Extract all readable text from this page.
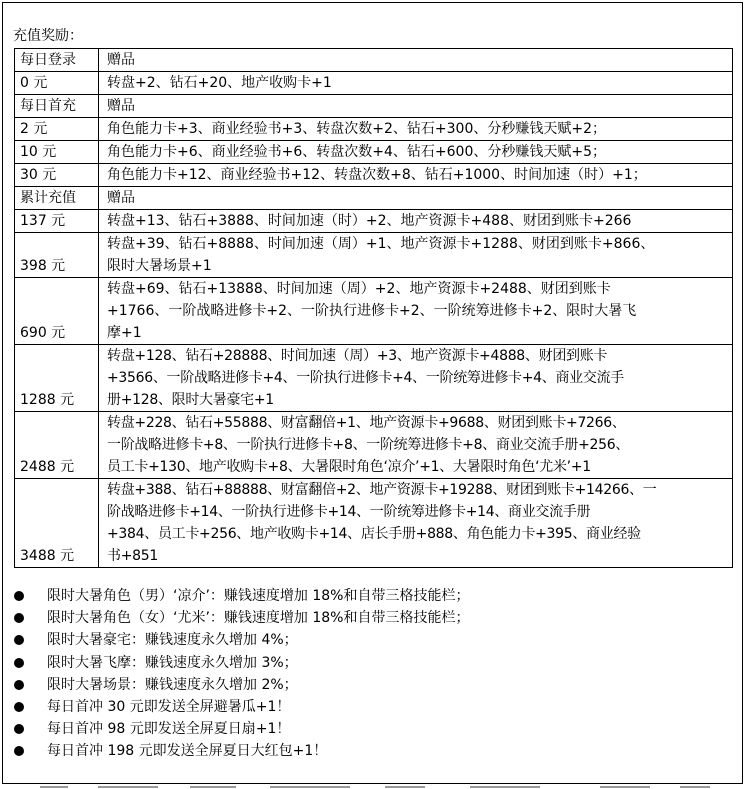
充值奖励：
每日登录	赠品

0 元	转盘+2、钻石+20、地产收购卡+1

每日首充	赠品

2 元	角色能力卡+3、商业经验书+3、转盘次数+2、钻石+300、分秒赚钱天赋+2；

10 元	角色能力卡+6、商业经验书+6、转盘次数+4、钻石+600、分秒赚钱天赋+5；

30 元	角色能力卡+12、商业经验书+12、转盘次数+8、钻石+1000、时间加速（时）+1；

累计充值	赠品

137 元	转盘+13、钻石+3888、时间加速（时）+2、地产资源卡+488、财团到账卡+266

398 元	转盘+39、钻石+8888、时间加速（周）+1、地产资源卡+1288、财团到账卡+866、
限时大暑场景+1

690 元	转盘+69、钻石+13888、时间加速（周）+2、地产资源卡+2488、财团到账卡
+1766、一阶战略进修卡+2、一阶执行进修卡+2、一阶统筹进修卡+2、限时大暑飞
摩+1

1288 元	转盘+128、钻石+28888、时间加速（周）+3、地产资源卡+4888、财团到账卡
+3566、一阶战略进修卡+4、一阶执行进修卡+4、一阶统筹进修卡+4、商业交流手
册+128、限时大暑豪宅+1

2488 元	转盘+228、钻石+55888、财富翻倍+1、地产资源卡+9688、财团到账卡+7266、
一阶战略进修卡+8、一阶执行进修卡+8、一阶统筹进修卡+8、商业交流手册+256、
员工卡+130、地产收购卡+8、大暑限时角色‘凉介’+1、大暑限时角色‘尤米’+1

3488 元	转盘+388、钻石+88888、财富翻倍+2、地产资源卡+19288、财团到账卡+14266、一
阶战略进修卡+14、一阶执行进修卡+14、一阶统筹进修卡+14、商业交流手册
+384、员工卡+256、地产收购卡+14、店长手册+888、角色能力卡+395、商业经验
书+851
限时大暑角色（男）‘凉介’：赚钱速度增加 18%和自带三格技能栏；
限时大暑角色（女）‘尤米’：赚钱速度增加 18%和自带三格技能栏；
限时大暑豪宅：赚钱速度永久增加 4%；
限时大暑飞摩：赚钱速度永久增加 3%；
限时大暑场景：赚钱速度永久增加 2%；
每日首冲 30 元即发送全屏避暑瓜+1！
每日首冲 98 元即发送全屏夏日扇+1！
每日首冲 198 元即发送全屏夏日大红包+1！
